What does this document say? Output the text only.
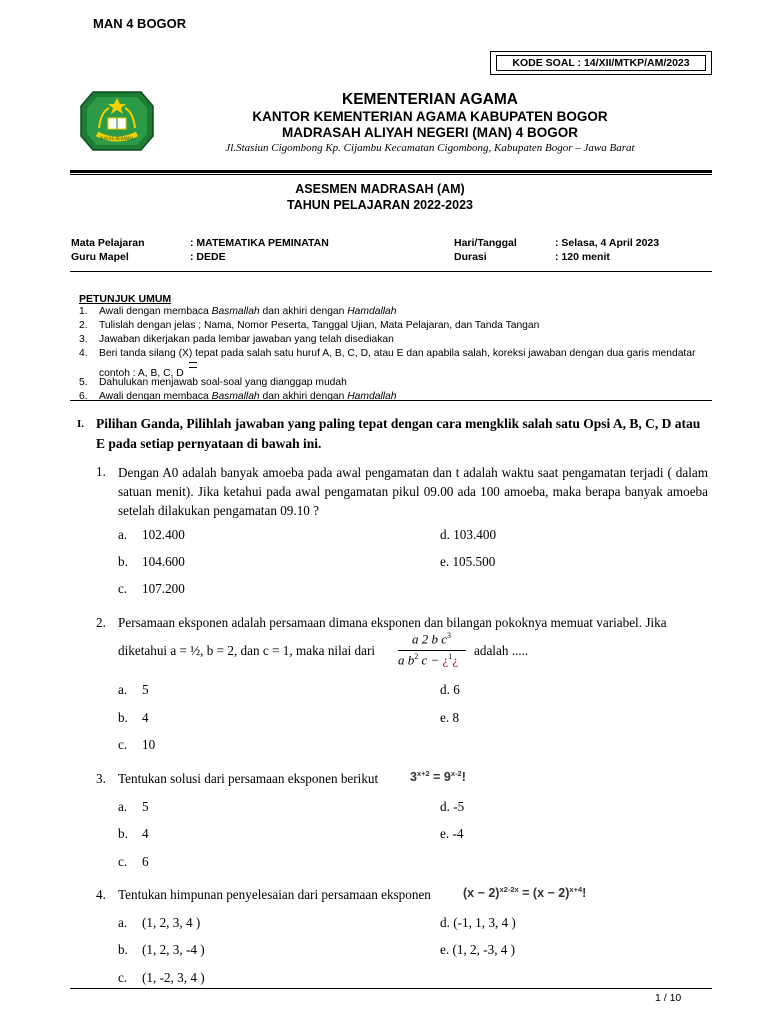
MAN 4 BOGOR
KODE SOAL : 14/XII/MTKP/AM/2023
IKHLAS BERAMAL
KEMENTERIAN AGAMA
KANTOR KEMENTERIAN AGAMA KABUPATEN BOGOR
MADRASAH ALIYAH NEGERI (MAN) 4 BOGOR
Jl.Stasiun Cigombong Kp. Cijambu Kecamatan Cigombong, Kabupaten Bogor – Jawa Barat
ASESMEN MADRASAH (AM)
TAHUN PELAJARAN 2022-2023
Mata Pelajaran	: MATEMATIKA PEMINATAN
Guru Mapel	: DEDE
Hari/Tanggal	: Selasa, 4 April 2023
Durasi	: 120 menit
PETUNJUK UMUM
1. Awali dengan membaca Basmallah dan akhiri dengan Hamdallah
2. Tulislah dengan jelas ; Nama, Nomor Peserta, Tanggal Ujian, Mata Pelajaran, dan Tanda Tangan
3. Jawaban dikerjakan pada lembar jawaban yang telah disediakan
4. Beri tanda silang (X) tepat pada salah satu huruf A, B, C, D, atau E dan apabila salah, koreksi jawaban dengan dua garis mendatar
contoh : A, B, C, D
5. Dahulukan menjawab soal-soal yang dianggap mudah
6. Awali dengan membaca Basmallah dan akhiri dengan Hamdallah
I. Pilihan Ganda, Pilihlah jawaban yang paling tepat dengan cara mengklik salah satu Opsi A, B, C, D atau E pada setiap pernyataan di bawah ini.
1. Dengan A0 adalah banyak amoeba pada awal pengamatan dan t adalah waktu saat pengamatan terjadi ( dalam satuan menit). Jika ketahui pada awal pengamatan pikul 09.00 ada 100 amoeba, maka berapa banyak amoeba setelah dilakukan pengamatan 09.10 ?
a. 102.400
b. 104.600
c. 107.200
d. 103.400
e. 105.500
2. Persamaan eksponen adalah persamaan dimana eksponen dan bilangan pokoknya memuat variabel. Jika
diketahui a = ½, b = 2, dan c = 1, maka nilai dari
a 2 b $c^3$
a $b^2$ c − ¿$^1$¿
adalah .....
a. 5
b. 4
c. 10
d. 6
e. 8
3. Tentukan solusi dari persamaan eksponen berikut	$3^{x+2} = 9^{x-2}$!
a. 5
b. 4
c. 6
d. -5
e. -4
4. Tentukan himpunan penyelesaian dari persamaan eksponen	$(x - 2)^{x2-2x} = (x - 2)^{x+4}$!
a. (1, 2, 3, 4 )
b. (1, 2, 3, -4 )
c. (1, -2, 3, 4 )
d. (-1, 1, 3, 4 )
e. (1, 2, -3, 4 )
1 / 10
